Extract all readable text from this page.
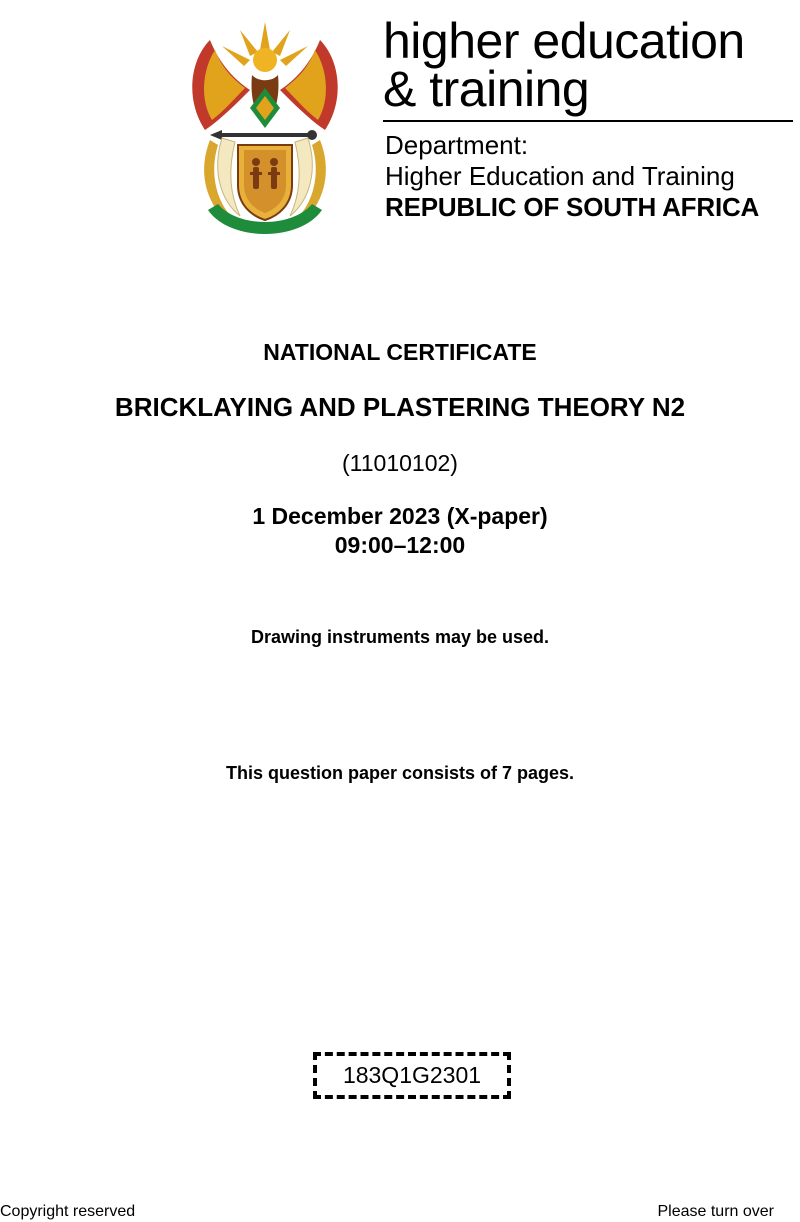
higher education
& training
Department:
Higher Education and Training
REPUBLIC OF SOUTH AFRICA
NATIONAL CERTIFICATE
BRICKLAYING AND PLASTERING THEORY N2
(11010102)
1 December 2023 (X-paper)
09:00–12:00
Drawing instruments may be used.
This question paper consists of 7 pages.
183Q1G2301
Copyright reserved	Please turn over
